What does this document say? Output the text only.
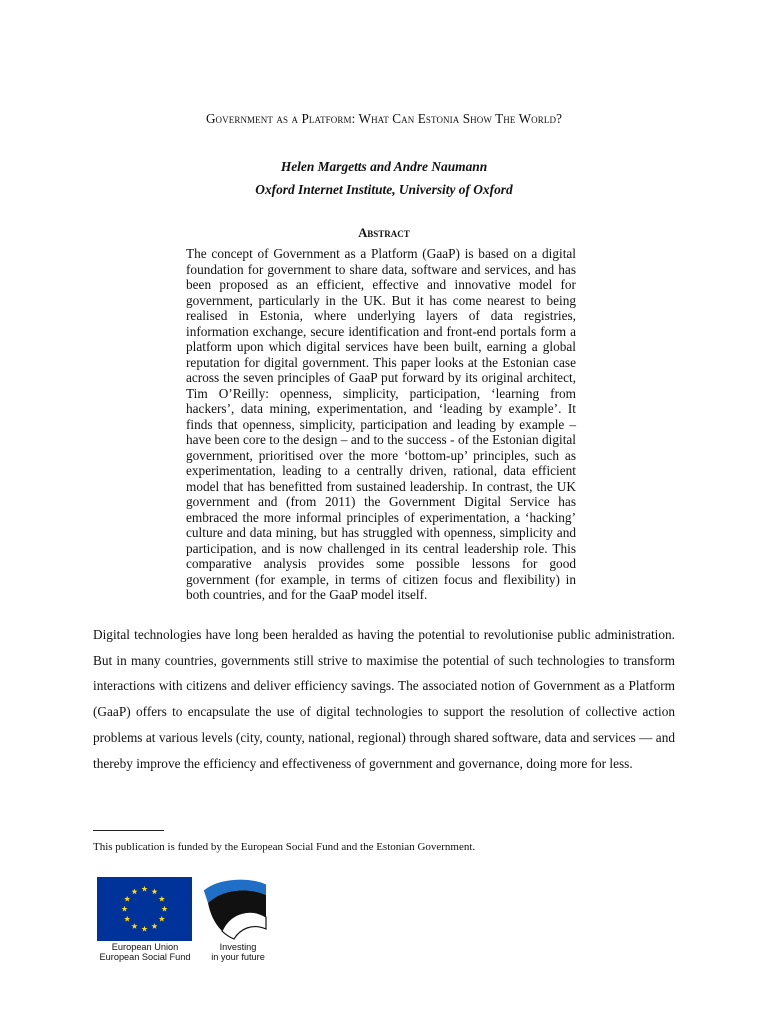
Government as a Platform: What Can Estonia Show The World?
Helen Margetts and Andre Naumann
Oxford Internet Institute, University of Oxford
Abstract

The concept of Government as a Platform (GaaP) is based on a digital foundation for government to share data, software and services, and has been proposed as an efficient, effective and innovative model for government, particularly in the UK. But it has come nearest to being realised in Estonia, where underlying layers of data registries, information exchange, secure identification and front-end portals form a platform upon which digital services have been built, earning a global reputation for digital government. This paper looks at the Estonian case across the seven principles of GaaP put forward by its original architect, Tim O’Reilly: openness, simplicity, participation, ‘learning from hackers’, data mining, experimentation, and ‘leading by example’. It finds that openness, simplicity, participation and leading by example – have been core to the design – and to the success - of the Estonian digital government, prioritised over the more ‘bottom-up’ principles, such as experimentation, leading to a centrally driven, rational, data efficient model that has benefitted from sustained leadership. In contrast, the UK government and (from 2011) the Government Digital Service has embraced the more informal principles of experimentation, a ‘hacking’ culture and data mining, but has struggled with openness, simplicity and participation, and is now challenged in its central leadership role. This comparative analysis provides some possible lessons for good government (for example, in terms of citizen focus and flexibility) in both countries, and for the GaaP model itself.

Digital technologies have long been heralded as having the potential to revolutionise public administration. But in many countries, governments still strive to maximise the potential of such technologies to transform interactions with citizens and deliver efficiency savings. The associated notion of Government as a Platform (GaaP) offers to encapsulate the use of digital technologies to support the resolution of collective action problems at various levels (city, county, national, regional) through shared software, data and services — and thereby improve the efficiency and effectiveness of government and governance, doing more for less.

This publication is funded by the European Social Fund and the Estonian Government.

European Union
European Social Fund
Investing
in your future
